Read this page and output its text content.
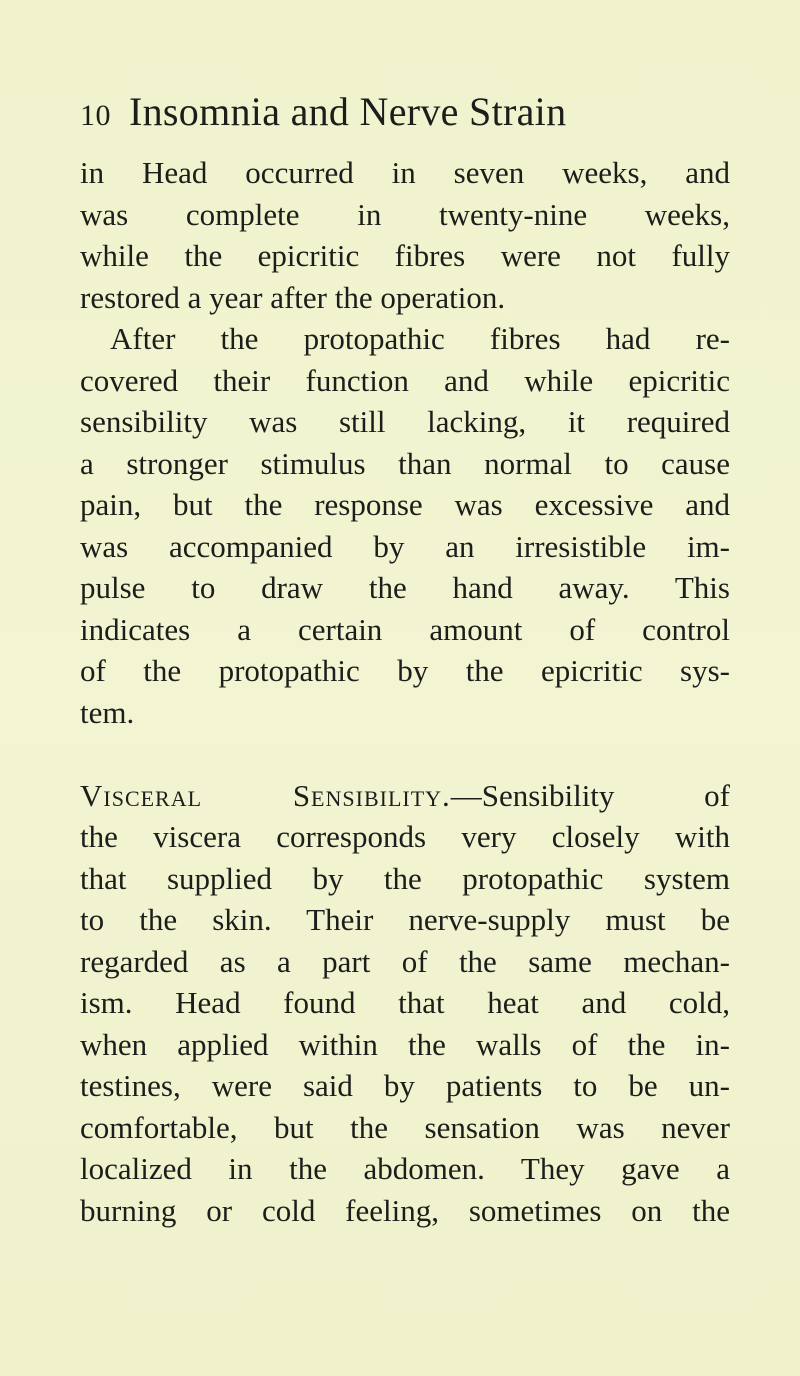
10 Insomnia and Nerve Strain
in Head occurred in seven weeks, and
was complete in twenty-nine weeks,
while the epicritic fibres were not fully
restored a year after the operation.
After the protopathic fibres had re-
covered their function and while epicritic
sensibility was still lacking, it required
a stronger stimulus than normal to cause
pain, but the response was excessive and
was accompanied by an irresistible im-
pulse to draw the hand away. This
indicates a certain amount of control
of the protopathic by the epicritic sys-
tem.
Visceral Sensibility.—Sensibility of
the viscera corresponds very closely with
that supplied by the protopathic system
to the skin. Their nerve-supply must be
regarded as a part of the same mechan-
ism. Head found that heat and cold,
when applied within the walls of the in-
testines, were said by patients to be un-
comfortable, but the sensation was never
localized in the abdomen. They gave a
burning or cold feeling, sometimes on the
